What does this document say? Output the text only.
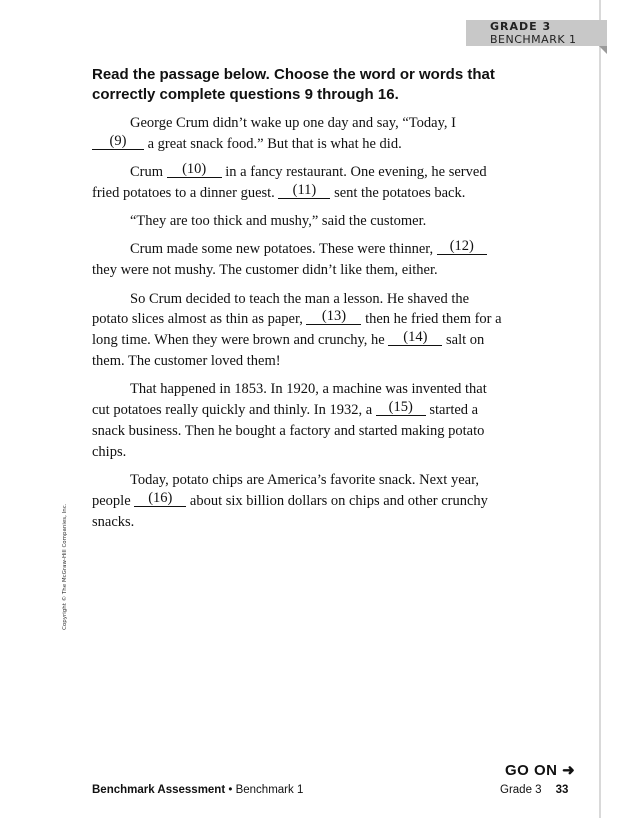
GRADE 3
BENCHMARK 1
Read the passage below. Choose the word or words that correctly complete questions 9 through 16.

George Crum didn’t wake up one day and say, “Today, I (9) a great snack food.” But that is what he did.

Crum (10) in a fancy restaurant. One evening, he served fried potatoes to a dinner guest. (11) sent the potatoes back.

“They are too thick and mushy,” said the customer.

Crum made some new potatoes. These were thinner, (12) they were not mushy. The customer didn’t like them, either.

So Crum decided to teach the man a lesson. He shaved the potato slices almost as thin as paper, (13) then he fried them for a long time. When they were brown and crunchy, he (14) salt on them. The customer loved them!

That happened in 1853. In 1920, a machine was invented that cut potatoes really quickly and thinly. In 1932, a (15) started a snack business. Then he bought a factory and started making potato chips.

Today, potato chips are America’s favorite snack. Next year, people (16) about six billion dollars on chips and other crunchy snacks.

Copyright © The McGraw-Hill Companies, Inc.
GO ON ➜
Benchmark Assessment • Benchmark 1	Grade 3 33
